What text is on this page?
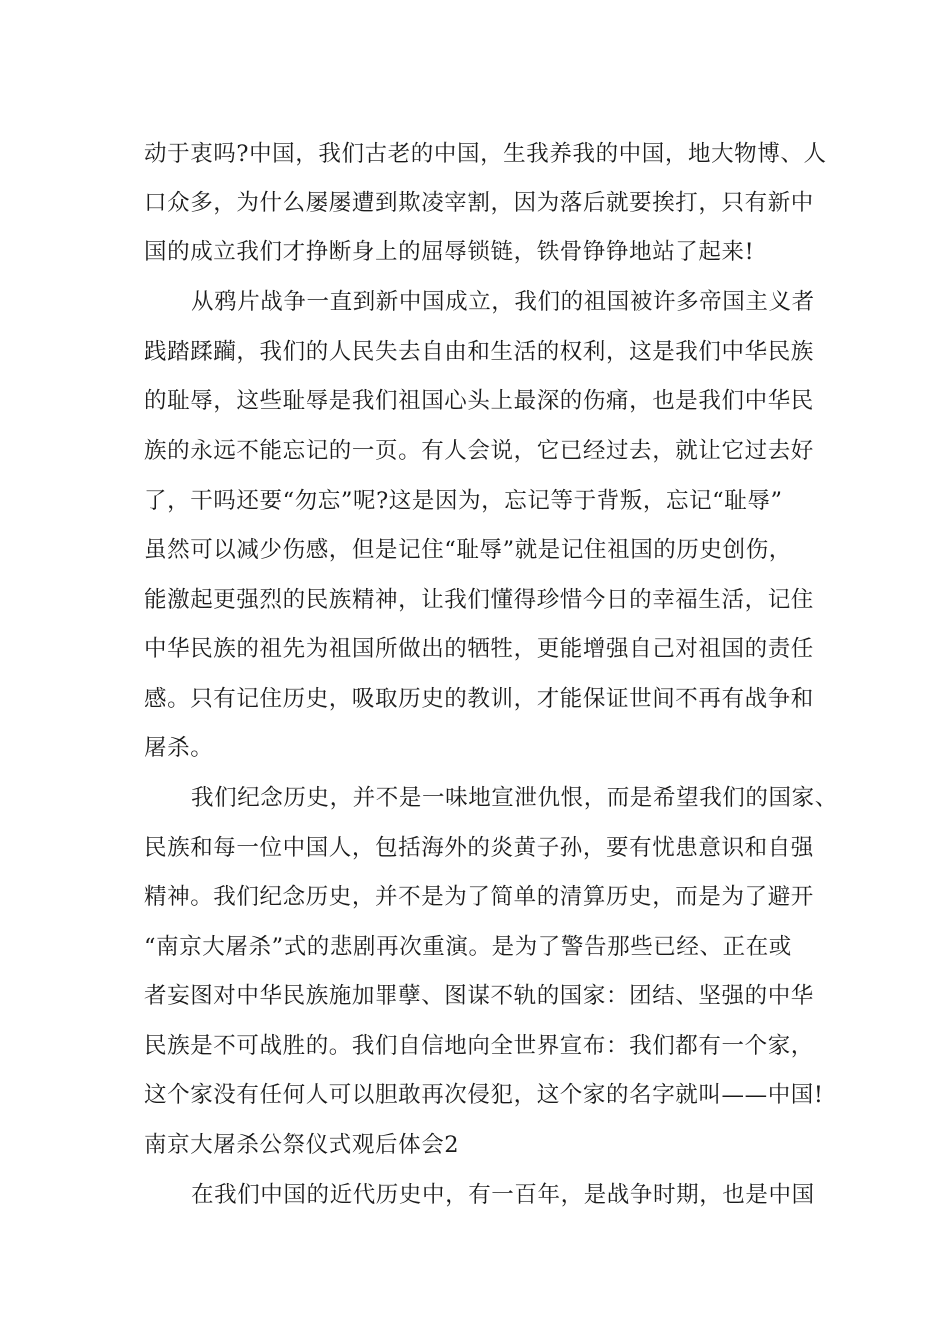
动于衷吗?中国，我们古老的中国，生我养我的中国，地大物博、人
口众多，为什么屡屡遭到欺凌宰割，因为落后就要挨打，只有新中
国的成立我们才挣断身上的屈辱锁链，铁骨铮铮地站了起来!
从鸦片战争一直到新中国成立，我们的祖国被许多帝国主义者
践踏蹂躏，我们的人民失去自由和生活的权利，这是我们中华民族
的耻辱，这些耻辱是我们祖国心头上最深的伤痛，也是我们中华民
族的永远不能忘记的一页。有人会说，它已经过去，就让它过去好
了，干吗还要“勿忘”呢?这是因为，忘记等于背叛，忘记“耻辱”
虽然可以减少伤感，但是记住“耻辱”就是记住祖国的历史创伤，
能激起更强烈的民族精神，让我们懂得珍惜今日的幸福生活，记住
中华民族的祖先为祖国所做出的牺牲，更能增强自己对祖国的责任
感。只有记住历史，吸取历史的教训，才能保证世间不再有战争和
屠杀。
我们纪念历史，并不是一味地宣泄仇恨，而是希望我们的国家、
民族和每一位中国人，包括海外的炎黄子孙，要有忧患意识和自强
精神。我们纪念历史，并不是为了简单的清算历史，而是为了避开
“南京大屠杀”式的悲剧再次重演。是为了警告那些已经、正在或
者妄图对中华民族施加罪孽、图谋不轨的国家：团结、坚强的中华
民族是不可战胜的。我们自信地向全世界宣布：我们都有一个家，
这个家没有任何人可以胆敢再次侵犯，这个家的名字就叫——中国!
南京大屠杀公祭仪式观后体会2
在我们中国的近代历史中，有一百年，是战争时期，也是中国
